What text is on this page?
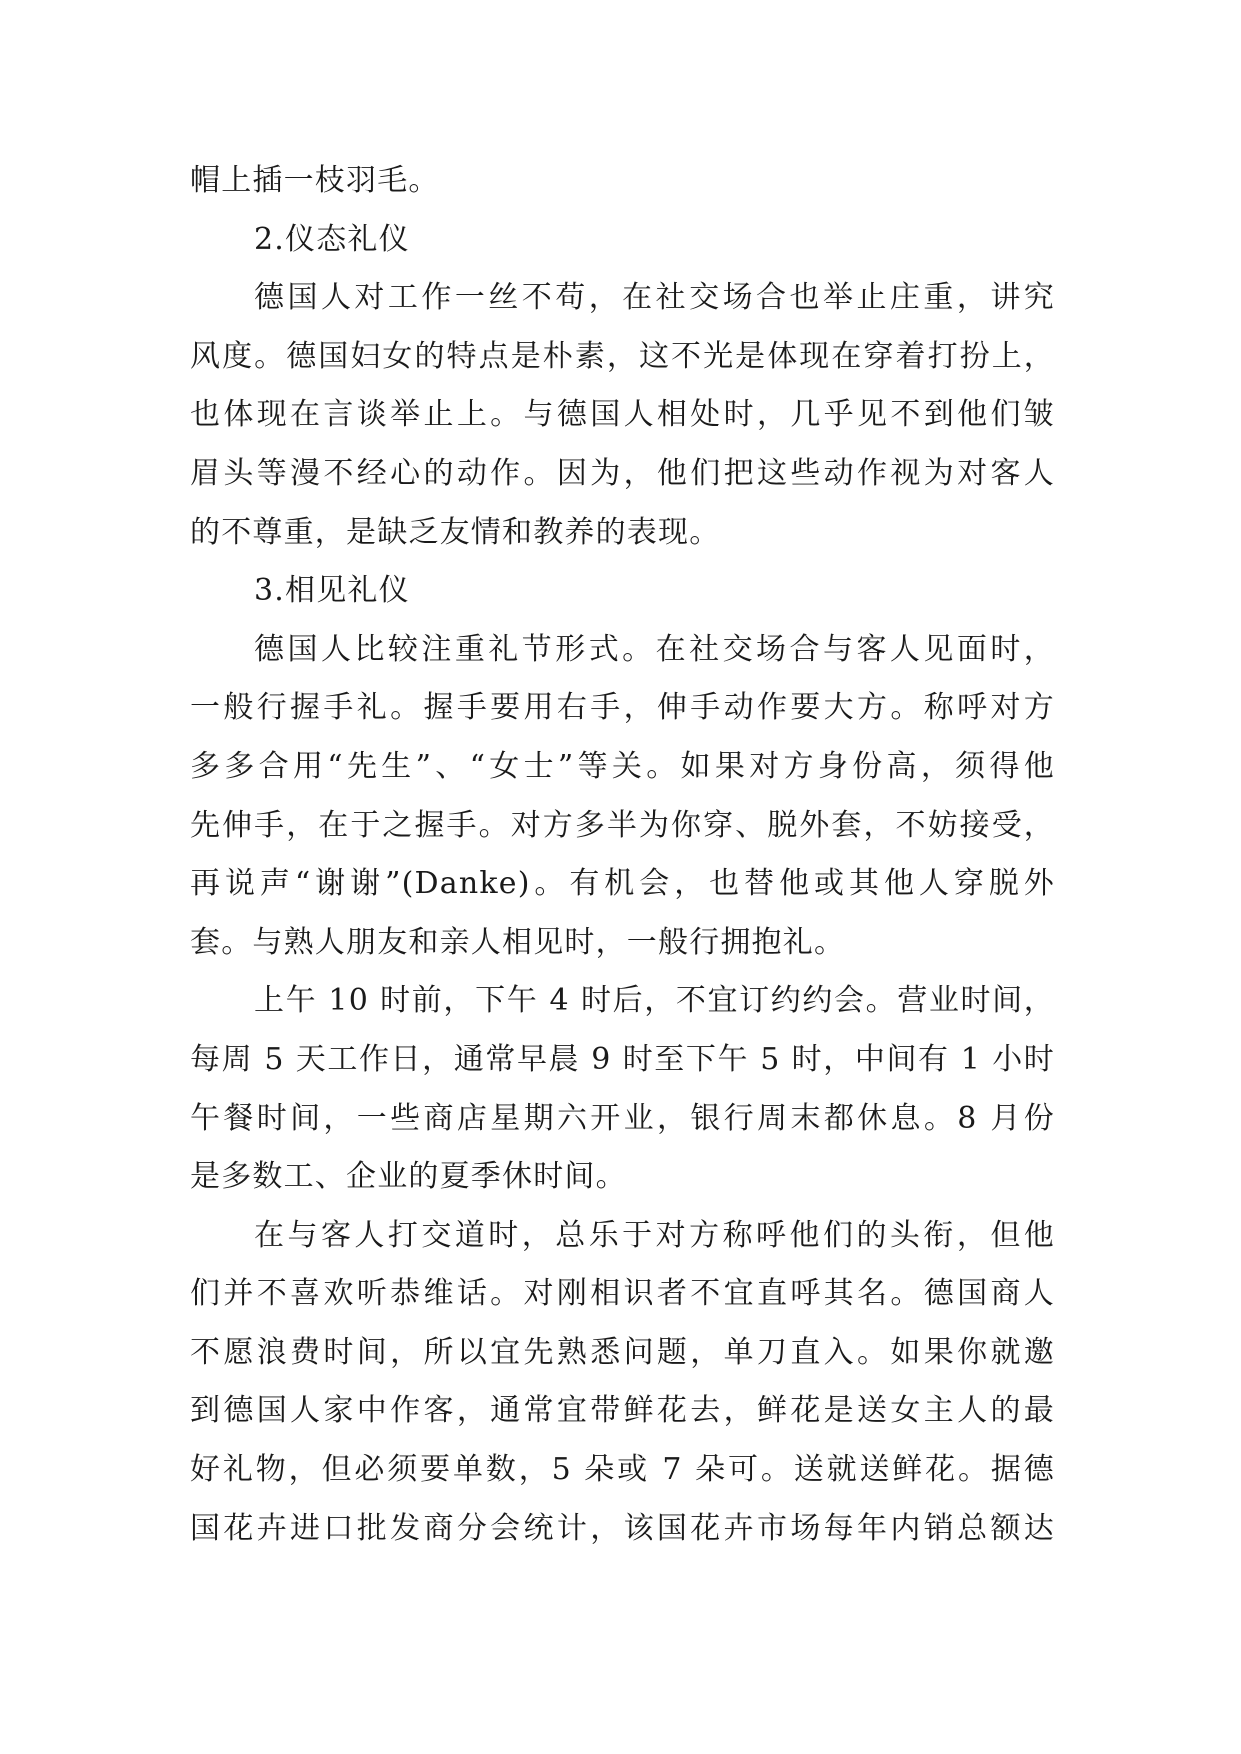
帽上插一枝羽毛。
2.仪态礼仪
德国人对工作一丝不苟，在社交场合也举止庄重，讲究
风度。德国妇女的特点是朴素，这不光是体现在穿着打扮上，
也体现在言谈举止上。与德国人相处时，几乎见不到他们皱
眉头等漫不经心的动作。因为，他们把这些动作视为对客人
的不尊重，是缺乏友情和教养的表现。
3.相见礼仪
德国人比较注重礼节形式。在社交场合与客人见面时，
一般行握手礼。握手要用右手，伸手动作要大方。称呼对方
多多合用“先生”、“女士”等关。如果对方身份高，须得他
先伸手，在于之握手。对方多半为你穿、脱外套，不妨接受，
再说声“谢谢”(Danke)。有机会，也替他或其他人穿脱外
套。与熟人朋友和亲人相见时，一般行拥抱礼。
上午 10 时前，下午 4 时后，不宜订约约会。营业时间，
每周 5 天工作日，通常早晨 9 时至下午 5 时，中间有 1 小时
午餐时间，一些商店星期六开业，银行周末都休息。8 月份
是多数工、企业的夏季休时间。
在与客人打交道时，总乐于对方称呼他们的头衔，但他
们并不喜欢听恭维话。对刚相识者不宜直呼其名。德国商人
不愿浪费时间，所以宜先熟悉问题，单刀直入。如果你就邀
到德国人家中作客，通常宜带鲜花去，鲜花是送女主人的最
好礼物，但必须要单数，5 朵或 7 朵可。送就送鲜花。据德
国花卉进口批发商分会统计，该国花卉市场每年内销总额达
